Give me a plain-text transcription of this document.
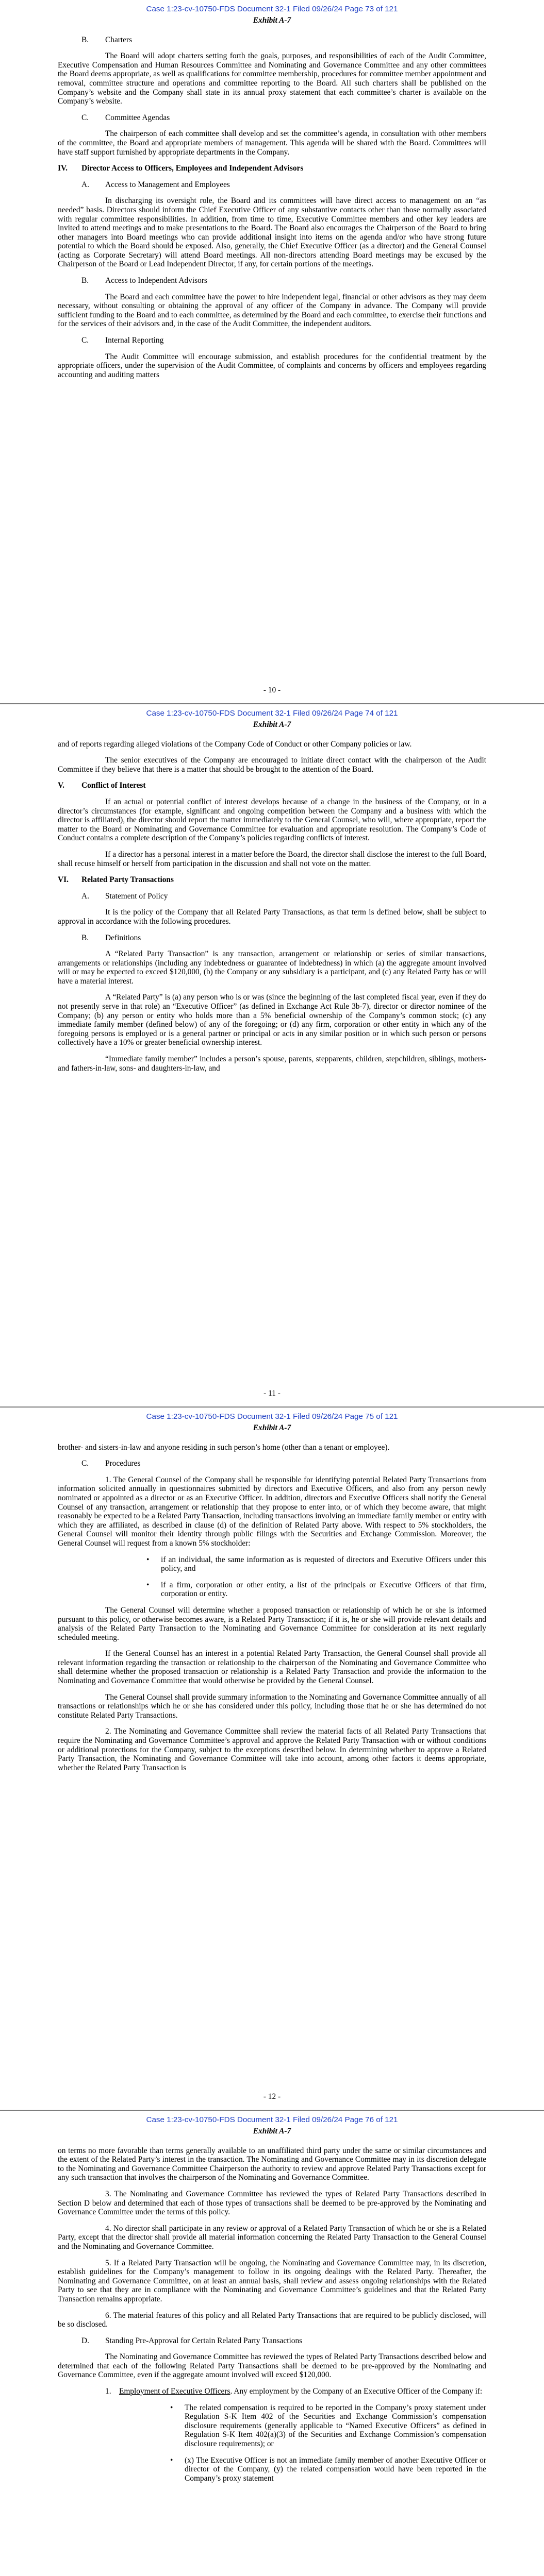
Case 1:23-cv-10750-FDS Document 32-1 Filed 09/26/24 Page 73 of 121
Exhibit A-7
B. Charters

The Board will adopt charters setting forth the goals, purposes, and responsibilities of each of the Audit Committee, Executive Compensation and Human Resources Committee and Nominating and Governance Committee and any other committees the Board deems appropriate, as well as qualifications for committee membership, procedures for committee member appointment and removal, committee structure and operations and committee reporting to the Board. All such charters shall be published on the Company’s website and the Company shall state in its annual proxy statement that each committee’s charter is available on the Company’s website.

C. Committee Agendas

The chairperson of each committee shall develop and set the committee’s agenda, in consultation with other members of the committee, the Board and appropriate members of management. This agenda will be shared with the Board. Committees will have staff support furnished by appropriate departments in the Company.

IV. Director Access to Officers, Employees and Independent Advisors
A. Access to Management and Employees

In discharging its oversight role, the Board and its committees will have direct access to management on an “as needed” basis. Directors should inform the Chief Executive Officer of any substantive contacts other than those normally associated with regular committee responsibilities. In addition, from time to time, Executive Committee members and other key leaders are invited to attend meetings and to make presentations to the Board. The Board also encourages the Chairperson of the Board to bring other managers into Board meetings who can provide additional insight into items on the agenda and/or who have strong future potential to which the Board should be exposed. Also, generally, the Chief Executive Officer (as a director) and the General Counsel (acting as Corporate Secretary) will attend Board meetings. All non-directors attending Board meetings may be excused by the Chairperson of the Board or Lead Independent Director, if any, for certain portions of the meetings.

B. Access to Independent Advisors

The Board and each committee have the power to hire independent legal, financial or other advisors as they may deem necessary, without consulting or obtaining the approval of any officer of the Company in advance. The Company will provide sufficient funding to the Board and to each committee, as determined by the Board and each committee, to exercise their functions and for the services of their advisors and, in the case of the Audit Committee, the independent auditors.

C. Internal Reporting

The Audit Committee will encourage submission, and establish procedures for the confidential treatment by the appropriate officers, under the supervision of the Audit Committee, of complaints and concerns by officers and employees regarding accounting and auditing matters

- 10 -
Case 1:23-cv-10750-FDS Document 32-1 Filed 09/26/24 Page 74 of 121
Exhibit A-7

and of reports regarding alleged violations of the Company Code of Conduct or other Company policies or law.

The senior executives of the Company are encouraged to initiate direct contact with the chairperson of the Audit Committee if they believe that there is a matter that should be brought to the attention of the Board.

V. Conflict of Interest

If an actual or potential conflict of interest develops because of a change in the business of the Company, or in a director’s circumstances (for example, significant and ongoing competition between the Company and a business with which the director is affiliated), the director should report the matter immediately to the General Counsel, who will, where appropriate, report the matter to the Board or Nominating and Governance Committee for evaluation and appropriate resolution. The Company’s Code of Conduct contains a complete description of the Company’s policies regarding conflicts of interest.

If a director has a personal interest in a matter before the Board, the director shall disclose the interest to the full Board, shall recuse himself or herself from participation in the discussion and shall not vote on the matter.

VI. Related Party Transactions
A. Statement of Policy

It is the policy of the Company that all Related Party Transactions, as that term is defined below, shall be subject to approval in accordance with the following procedures.

B. Definitions

A “Related Party Transaction” is any transaction, arrangement or relationship or series of similar transactions, arrangements or relationships (including any indebtedness or guarantee of indebtedness) in which (a) the aggregate amount involved will or may be expected to exceed $120,000, (b) the Company or any subsidiary is a participant, and (c) any Related Party has or will have a material interest.

A “Related Party” is (a) any person who is or was (since the beginning of the last completed fiscal year, even if they do not presently serve in that role) an “Executive Officer” (as defined in Exchange Act Rule 3b-7), director or director nominee of the Company; (b) any person or entity who holds more than a 5% beneficial ownership of the Company’s common stock; (c) any immediate family member (defined below) of any of the foregoing; or (d) any firm, corporation or other entity in which any of the foregoing persons is employed or is a general partner or principal or acts in any similar position or in which such person or persons collectively have a 10% or greater beneficial ownership interest.

“Immediate family member” includes a person’s spouse, parents, stepparents, children, stepchildren, siblings, mothers- and fathers-in-law, sons- and daughters-in-law, and

- 11 -
Case 1:23-cv-10750-FDS Document 32-1 Filed 09/26/24 Page 75 of 121
Exhibit A-7

brother- and sisters-in-law and anyone residing in such person’s home (other than a tenant or employee).

C. Procedures

1. The General Counsel of the Company shall be responsible for identifying potential Related Party Transactions from information solicited annually in questionnaires submitted by directors and Executive Officers, and also from any person newly nominated or appointed as a director or as an Executive Officer. In addition, directors and Executive Officers shall notify the General Counsel of any transaction, arrangement or relationship that they propose to enter into, or of which they become aware, that might reasonably be expected to be a Related Party Transaction, including transactions involving an immediate family member or entity with which they are affiliated, as described in clause (d) of the definition of Related Party above. With respect to 5% stockholders, the General Counsel will monitor their identity through public filings with the Securities and Exchange Commission. Moreover, the General Counsel will request from a known 5% stockholder:

• if an individual, the same information as is requested of directors and Executive Officers under this policy, and
• if a firm, corporation or other entity, a list of the principals or Executive Officers of that firm, corporation or entity.

The General Counsel will determine whether a proposed transaction or relationship of which he or she is informed pursuant to this policy, or otherwise becomes aware, is a Related Party Transaction; if it is, he or she will provide relevant details and analysis of the Related Party Transaction to the Nominating and Governance Committee for consideration at its next regularly scheduled meeting.

If the General Counsel has an interest in a potential Related Party Transaction, the General Counsel shall provide all relevant information regarding the transaction or relationship to the chairperson of the Nominating and Governance Committee who shall determine whether the proposed transaction or relationship is a Related Party Transaction and provide the information to the Nominating and Governance Committee that would otherwise be provided by the General Counsel.

The General Counsel shall provide summary information to the Nominating and Governance Committee annually of all transactions or relationships which he or she has considered under this policy, including those that he or she has determined do not constitute Related Party Transactions.

2. The Nominating and Governance Committee shall review the material facts of all Related Party Transactions that require the Nominating and Governance Committee’s approval and approve the Related Party Transaction with or without conditions or additional protections for the Company, subject to the exceptions described below. In determining whether to approve a Related Party Transaction, the Nominating and Governance Committee will take into account, among other factors it deems appropriate, whether the Related Party Transaction is

- 12 -
Case 1:23-cv-10750-FDS Document 32-1 Filed 09/26/24 Page 76 of 121
Exhibit A-7

on terms no more favorable than terms generally available to an unaffiliated third party under the same or similar circumstances and the extent of the Related Party’s interest in the transaction. The Nominating and Governance Committee may in its discretion delegate to the Nominating and Governance Committee Chairperson the authority to review and approve Related Party Transactions except for any such transaction that involves the chairperson of the Nominating and Governance Committee.

3. The Nominating and Governance Committee has reviewed the types of Related Party Transactions described in Section D below and determined that each of those types of transactions shall be deemed to be pre-approved by the Nominating and Governance Committee under the terms of this policy.

4. No director shall participate in any review or approval of a Related Party Transaction of which he or she is a Related Party, except that the director shall provide all material information concerning the Related Party Transaction to the General Counsel and the Nominating and Governance Committee.

5. If a Related Party Transaction will be ongoing, the Nominating and Governance Committee may, in its discretion, establish guidelines for the Company’s management to follow in its ongoing dealings with the Related Party. Thereafter, the Nominating and Governance Committee, on at least an annual basis, shall review and assess ongoing relationships with the Related Party to see that they are in compliance with the Nominating and Governance Committee’s guidelines and that the Related Party Transaction remains appropriate.

6. The material features of this policy and all Related Party Transactions that are required to be publicly disclosed, will be so disclosed.

D. Standing Pre-Approval for Certain Related Party Transactions

The Nominating and Governance Committee has reviewed the types of Related Party Transactions described below and determined that each of the following Related Party Transactions shall be deemed to be pre-approved by the Nominating and Governance Committee, even if the aggregate amount involved will exceed $120,000.

1. Employment of Executive Officers. Any employment by the Company of an Executive Officer of the Company if:

• The related compensation is required to be reported in the Company’s proxy statement under Regulation S-K Item 402 of the Securities and Exchange Commission’s compensation disclosure requirements (generally applicable to “Named Executive Officers” as defined in Regulation S-K Item 402(a)(3) of the Securities and Exchange Commission’s compensation disclosure requirements); or
• (x) The Executive Officer is not an immediate family member of another Executive Officer or director of the Company, (y) the related compensation would have been reported in the Company’s proxy statement
